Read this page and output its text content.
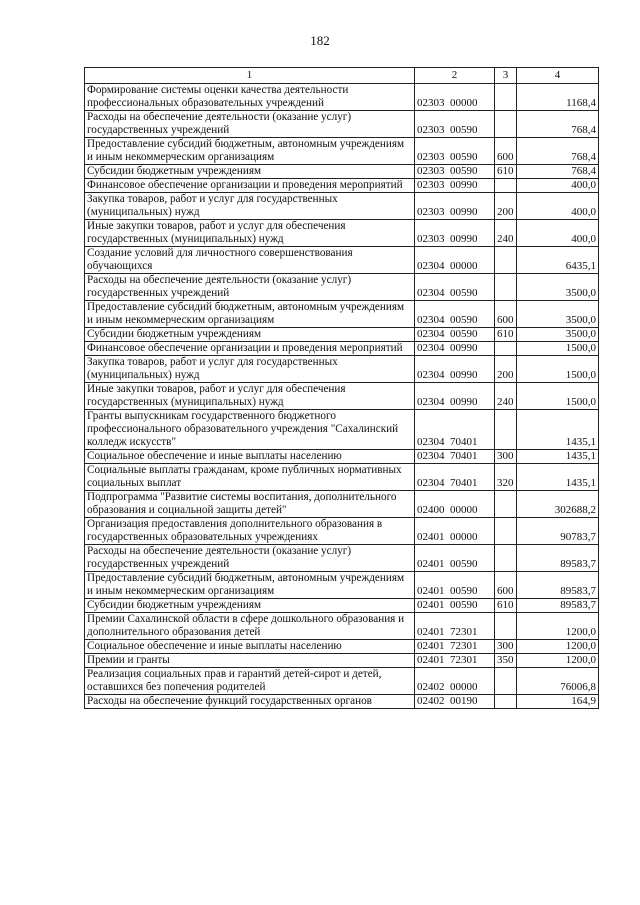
182
1	2	3	4
Формирование системы оценки качества деятельности профессиональных образовательных учреждений	02303  00000		1168,4
Расходы на обеспечение деятельности (оказание услуг) государственных учреждений	02303  00590		768,4
Предоставление субсидий бюджетным, автономным учреждениям и иным некоммерческим организациям	02303  00590	600	768,4
Субсидии бюджетным учреждениям	02303  00590	610	768,4
Финансовое обеспечение организации и проведения мероприятий	02303  00990		400,0
Закупка товаров, работ и услуг для государственных (муниципальных) нужд	02303  00990	200	400,0
Иные закупки товаров, работ и услуг для обеспечения государственных (муниципальных) нужд	02303  00990	240	400,0
Создание условий для личностного совершенствования обучающихся	02304  00000		6435,1
Расходы на обеспечение деятельности (оказание услуг) государственных учреждений	02304  00590		3500,0
Предоставление субсидий бюджетным, автономным учреждениям и иным некоммерческим организациям	02304  00590	600	3500,0
Субсидии бюджетным учреждениям	02304  00590	610	3500,0
Финансовое обеспечение организации и проведения мероприятий	02304  00990		1500,0
Закупка товаров, работ и услуг для государственных (муниципальных) нужд	02304  00990	200	1500,0
Иные закупки товаров, работ и услуг для обеспечения государственных (муниципальных) нужд	02304  00990	240	1500,0
Гранты выпускникам государственного бюджетного профессионального образовательного учреждения "Сахалинский колледж искусств"	02304  70401		1435,1
Социальное обеспечение и иные выплаты населению	02304  70401	300	1435,1
Социальные выплаты гражданам, кроме публичных нормативных социальных выплат	02304  70401	320	1435,1
Подпрограмма "Развитие системы воспитания, дополнительного образования и социальной защиты детей"	02400  00000		302688,2
Организация предоставления дополнительного образования в государственных образовательных учреждениях	02401  00000		90783,7
Расходы на обеспечение деятельности (оказание услуг) государственных учреждений	02401  00590		89583,7
Предоставление субсидий бюджетным, автономным учреждениям и иным некоммерческим организациям	02401  00590	600	89583,7
Субсидии бюджетным учреждениям	02401  00590	610	89583,7
Премии Сахалинской области в сфере дошкольного образования и дополнительного образования детей	02401  72301		1200,0
Социальное обеспечение и иные выплаты населению	02401  72301	300	1200,0
Премии и гранты	02401  72301	350	1200,0
Реализация социальных прав и гарантий детей-сирот и детей, оставшихся без попечения родителей	02402  00000		76006,8
Расходы на обеспечение функций государственных органов	02402  00190		164,9
